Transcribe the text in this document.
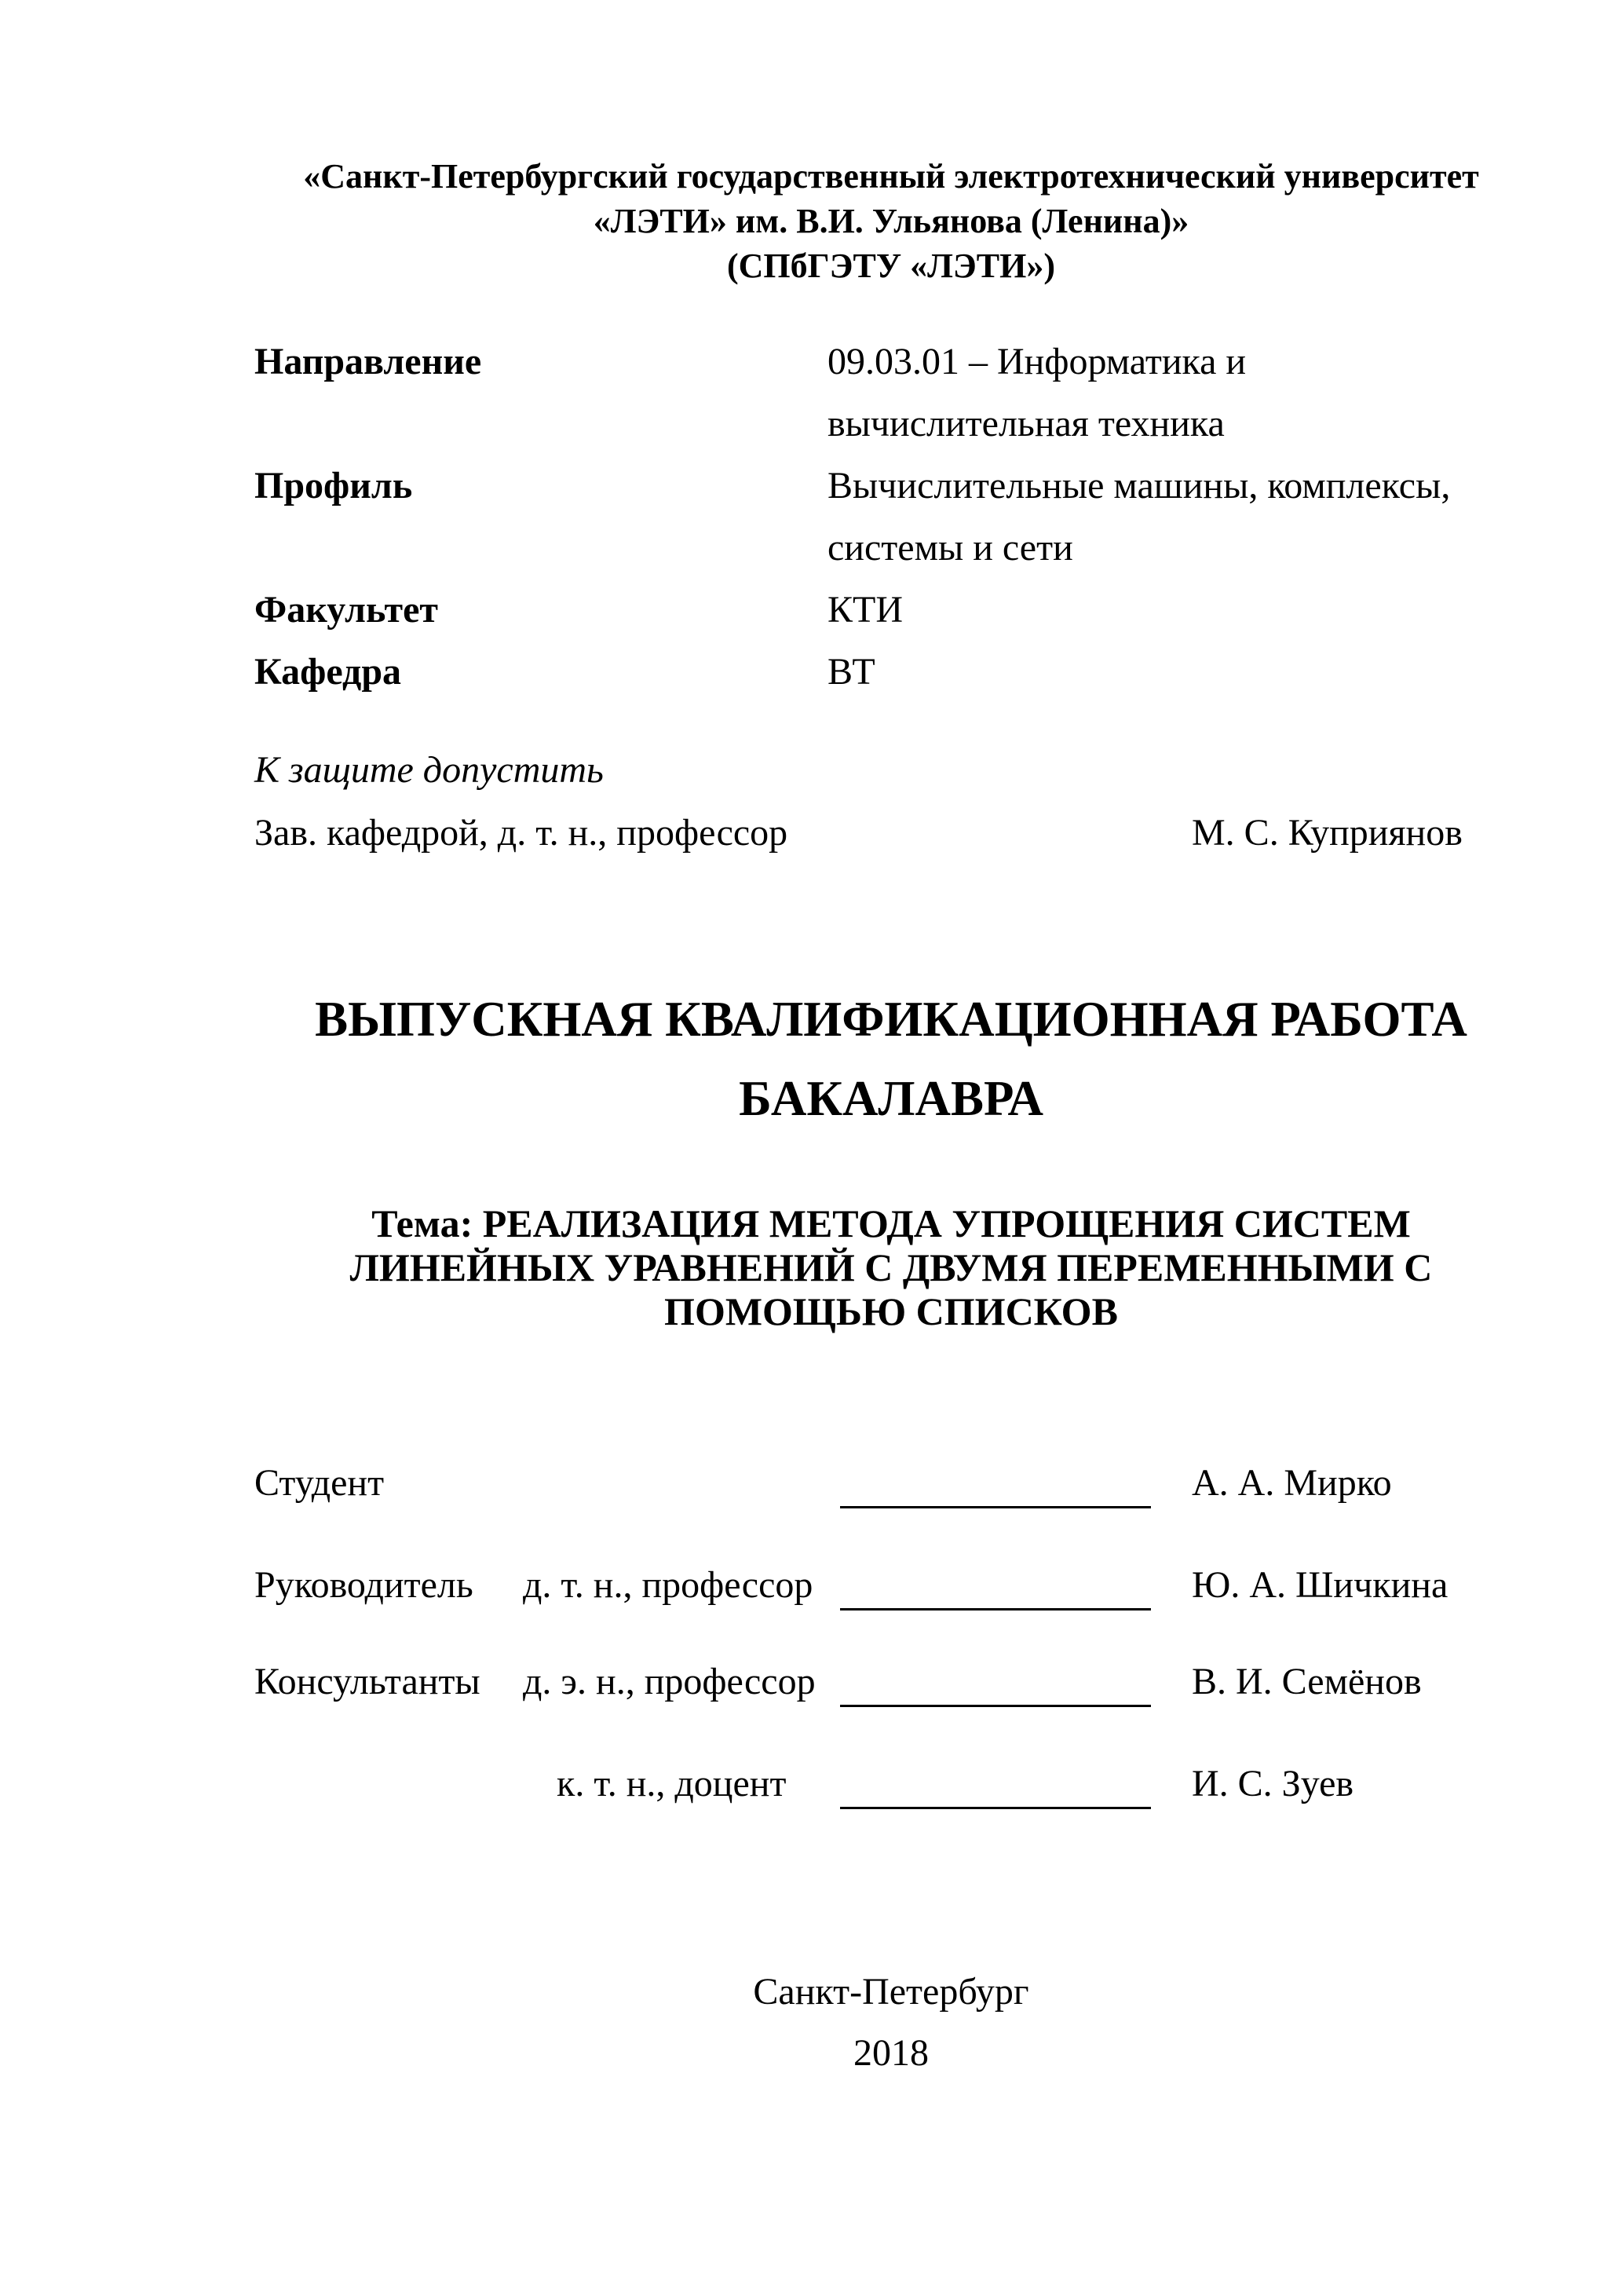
«Санкт-Петербургский государственный электротехнический университет
«ЛЭТИ» им. В.И. Ульянова (Ленина)»
(СПбГЭТУ «ЛЭТИ»)
Направление	09.03.01 – Информатика и
вычислительная техника
Профиль	Вычислительные машины, комплексы,
системы и сети
Факультет	КТИ
Кафедра	ВТ
К защите допустить
Зав. кафедрой, д. т. н., профессор	М. С. Куприянов
ВЫПУСКНАЯ КВАЛИФИКАЦИОННАЯ РАБОТА
БАКАЛАВРА
Тема: РЕАЛИЗАЦИЯ МЕТОДА УПРОЩЕНИЯ СИСТЕМ
ЛИНЕЙНЫХ УРАВНЕНИЙ С ДВУМЯ ПЕРЕМЕННЫМИ С
ПОМОЩЬЮ СПИСКОВ
Студент	А. А. Мирко
Руководитель д. т. н., профессор	Ю. А. Шичкина
Консультанты д. э. н., профессор	В. И. Семёнов
к. т. н., доцент	И. С. Зуев
Санкт-Петербург
2018
